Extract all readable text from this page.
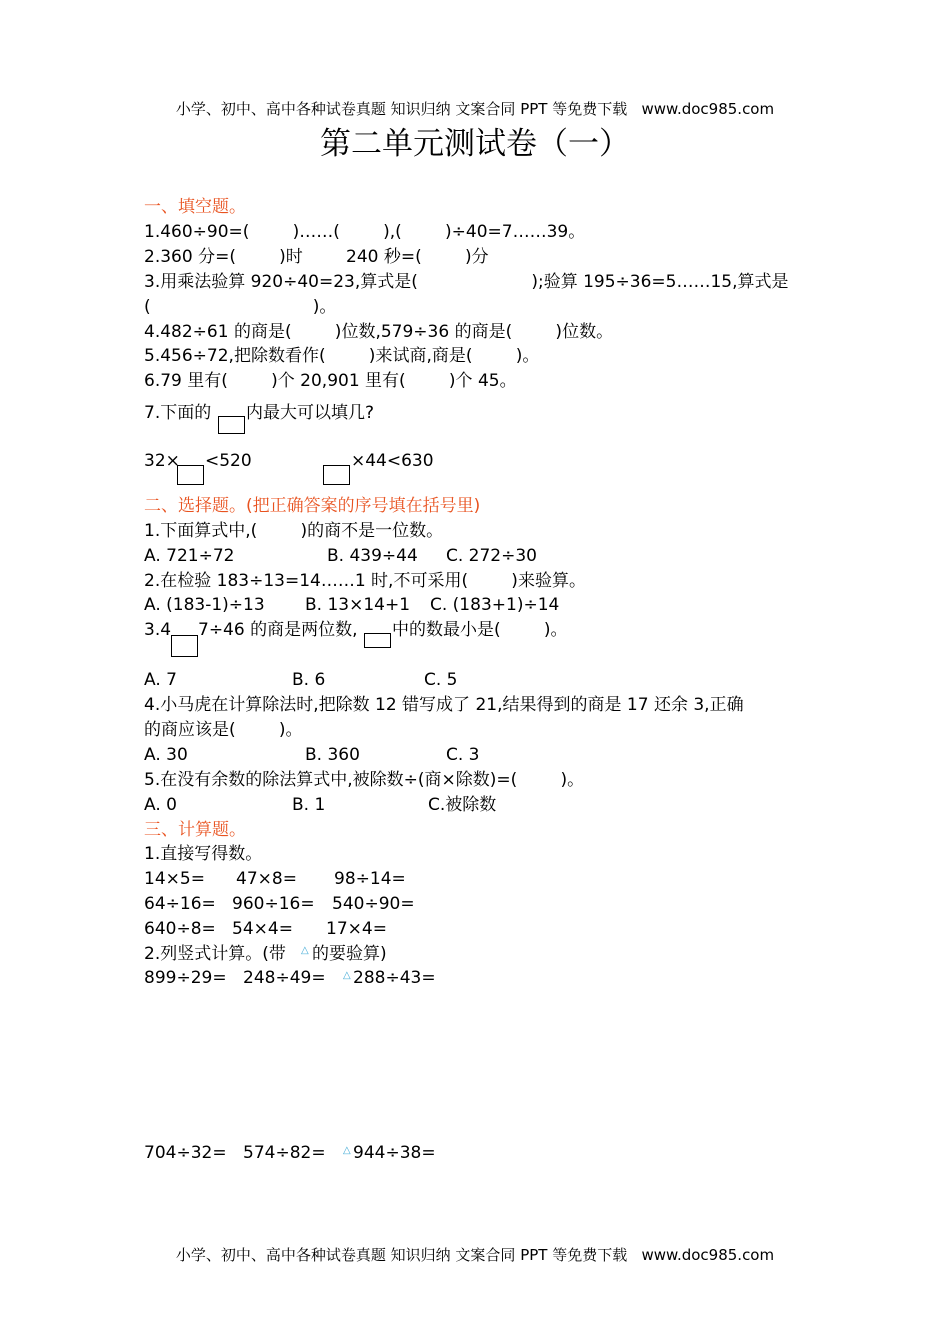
小学、初中、高中各种试卷真题 知识归纳 文案合同 PPT 等免费下载   www.doc985.com
小学、初中、高中各种试卷真题 知识归纳 文案合同 PPT 等免费下载   www.doc985.com
第二单元测试卷（一）
一、填空题。
1.460÷90=(        )……(        ),(        )÷40=7……39。
2.360 分=(        )时        240 秒=(        )分
3.用乘法验算 920÷40=23,算式是(                     );验算 195÷36=5……15,算式是
(                              )。
4.482÷61 的商是(        )位数,579÷36 的商是(        )位数。
5.456÷72,把除数看作(        )来试商,商是(        )。
6.79 里有(        )个 20,901 里有(        )个 45。
7.下面的 内最大可以填几?
32× <520	×44<630
二、选择题。(把正确答案的序号填在括号里)
1.下面算式中,(        )的商不是一位数。
A. 721÷72	B. 439÷44 C. 272÷30
2.在检验 183÷13=14……1 时,不可采用(        )来验算。
A. (183-1)÷13 B. 13×14+1 C. (183+1)÷14
3.4 7÷46 的商是两位数, 中的数最小是(        )。
A. 7	B. 6	C. 5
4.小马虎在计算除法时,把除数 12 错写成了 21,结果得到的商是 17 还余 3,正确
的商应该是(        )。
A. 30	B. 360	C. 3
5.在没有余数的除法算式中,被除数÷(商×除数)=(        )。
A. 0	B. 1	C.被除数
三、计算题。
1.直接写得数。
14×5= 47×8= 98÷14=
64÷16= 960÷16= 540÷90=
640÷8= 54×4= 17×4=
2.列竖式计算。(带 △ 的要验算)
899÷29= 248÷49= △ 288÷43=
704÷32= 574÷82= △ 944÷38=
